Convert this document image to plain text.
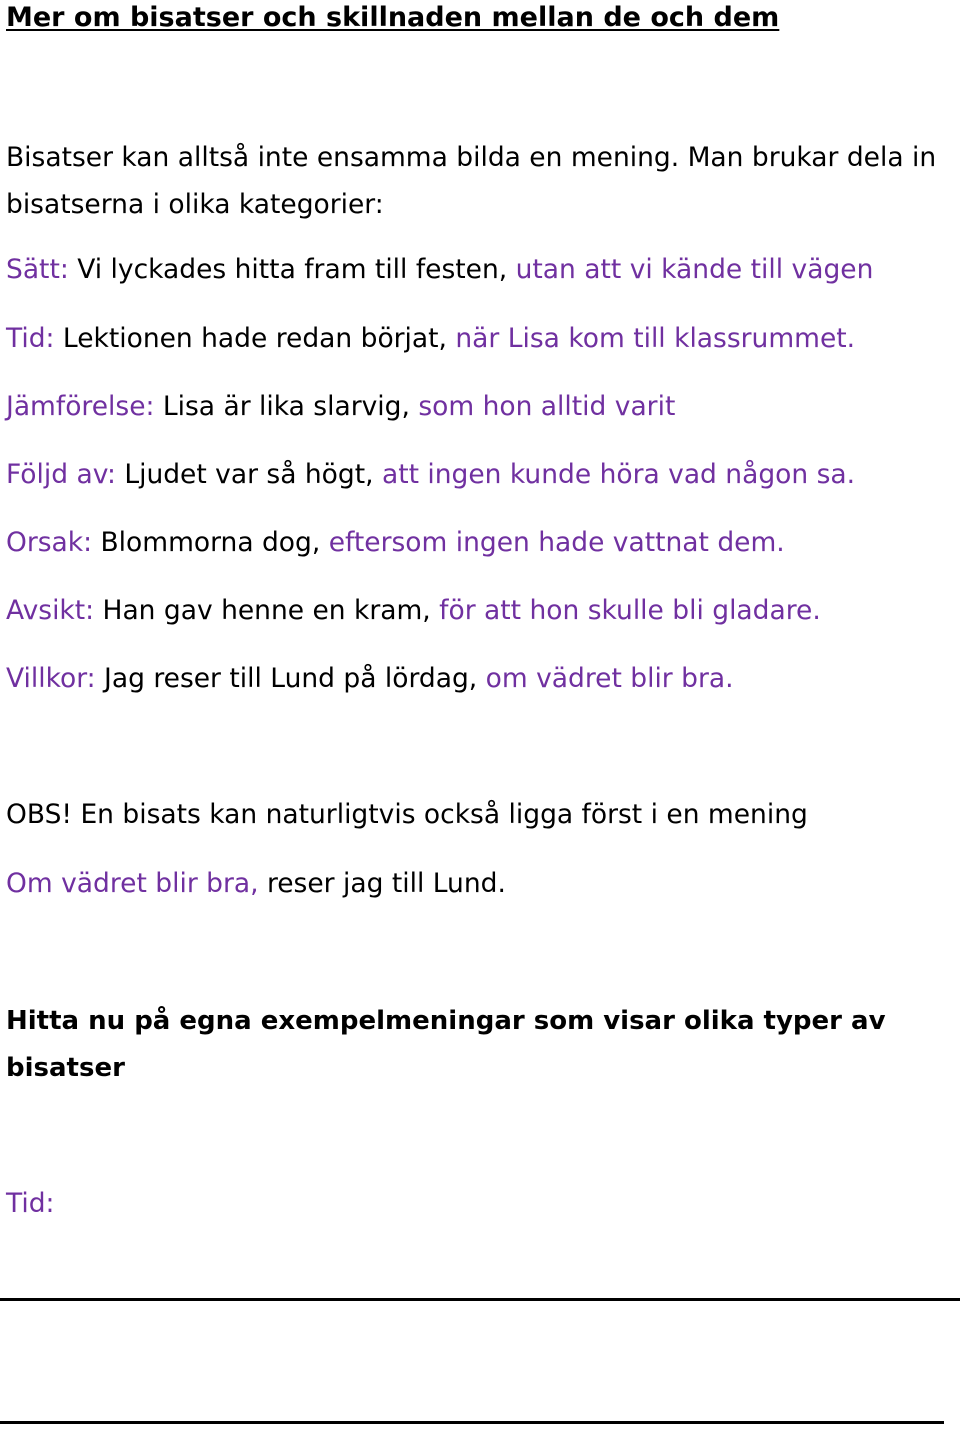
Mer om bisatser och skillnaden mellan de och dem
Bisatser kan alltså inte ensamma bilda en mening. Man brukar dela in bisatserna i olika kategorier:
Sätt: Vi lyckades hitta fram till festen, utan att vi kände till vägen
Tid: Lektionen hade redan börjat, när Lisa kom till klassrummet.
Jämförelse: Lisa är lika slarvig, som hon alltid varit
Följd av: Ljudet var så högt, att ingen kunde höra vad någon sa.
Orsak: Blommorna dog, eftersom ingen hade vattnat dem.
Avsikt: Han gav henne en kram, för att hon skulle bli gladare.
Villkor: Jag reser till Lund på lördag, om vädret blir bra.
OBS! En bisats kan naturligtvis också ligga först i en mening
Om vädret blir bra, reser jag till Lund.
Hitta nu på egna exempelmeningar som visar olika typer av bisatser
Tid:
